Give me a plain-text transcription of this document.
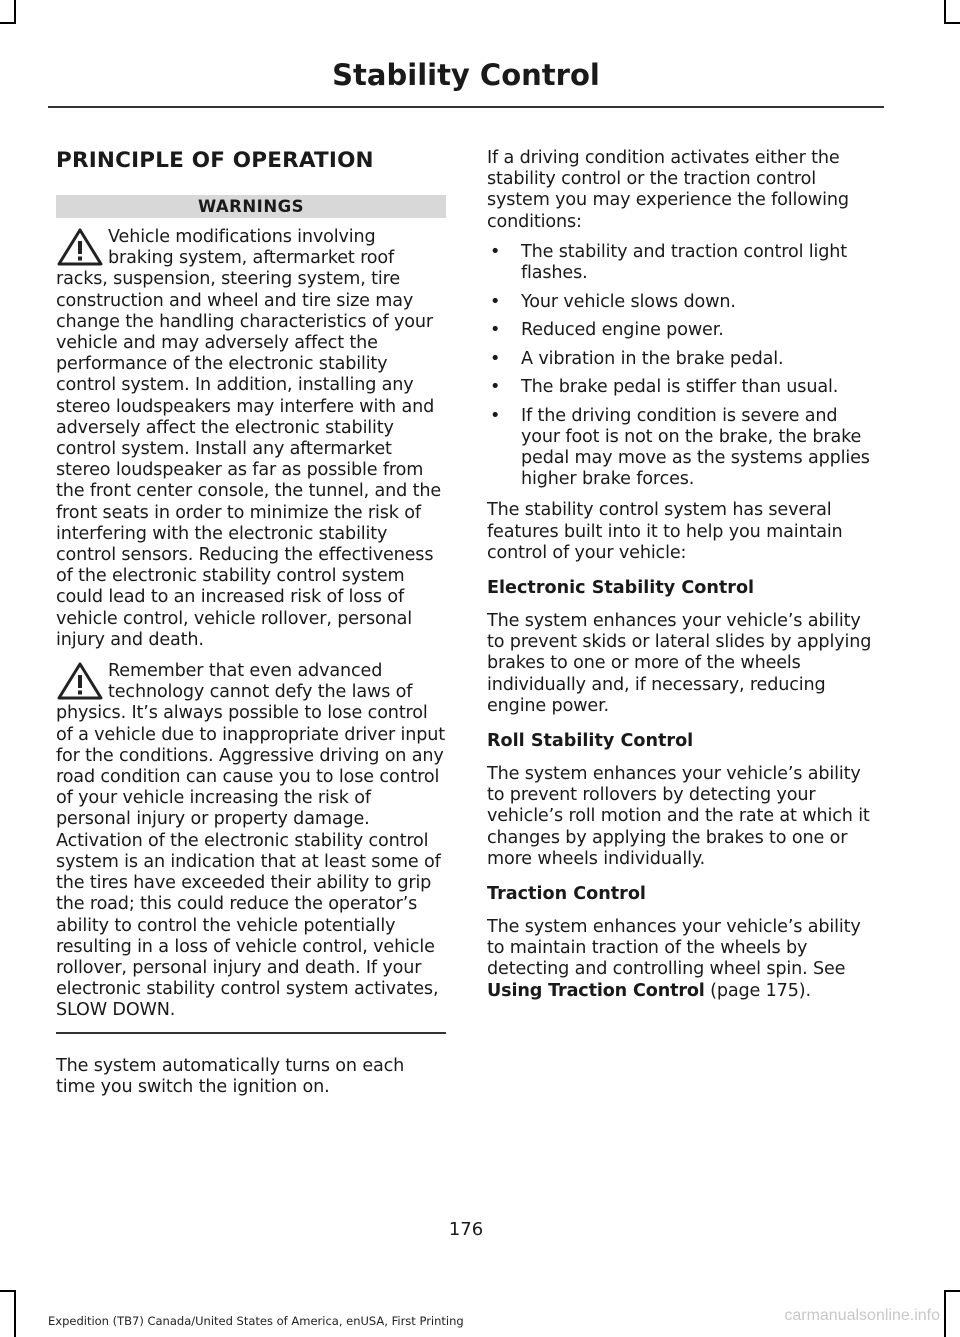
Stability Control
PRINCIPLE OF OPERATION
WARNINGS

Vehicle modifications involving braking system, aftermarket roof racks, suspension, steering system, tire construction and wheel and tire size may change the handling characteristics of your vehicle and may adversely affect the performance of the electronic stability control system. In addition, installing any stereo loudspeakers may interfere with and adversely affect the electronic stability control system. Install any aftermarket stereo loudspeaker as far as possible from the front center console, the tunnel, and the front seats in order to minimize the risk of interfering with the electronic stability control sensors. Reducing the effectiveness of the electronic stability control system could lead to an increased risk of loss of vehicle control, vehicle rollover, personal injury and death.

Remember that even advanced technology cannot defy the laws of physics. It’s always possible to lose control of a vehicle due to inappropriate driver input for the conditions. Aggressive driving on any road condition can cause you to lose control of your vehicle increasing the risk of personal injury or property damage. Activation of the electronic stability control system is an indication that at least some of the tires have exceeded their ability to grip the road; this could reduce the operator’s ability to control the vehicle potentially resulting in a loss of vehicle control, vehicle rollover, personal injury and death. If your electronic stability control system activates, SLOW DOWN.

The system automatically turns on each time you switch the ignition on.

If a driving condition activates either the stability control or the traction control system you may experience the following conditions:

• The stability and traction control light flashes.
• Your vehicle slows down.
• Reduced engine power.
• A vibration in the brake pedal.
• The brake pedal is stiffer than usual.
• If the driving condition is severe and your foot is not on the brake, the brake pedal may move as the systems applies higher brake forces.

The stability control system has several features built into it to help you maintain control of your vehicle:

Electronic Stability Control

The system enhances your vehicle’s ability to prevent skids or lateral slides by applying brakes to one or more of the wheels individually and, if necessary, reducing engine power.

Roll Stability Control

The system enhances your vehicle’s ability to prevent rollovers by detecting your vehicle’s roll motion and the rate at which it changes by applying the brakes to one or more wheels individually.

Traction Control

The system enhances your vehicle’s ability to maintain traction of the wheels by detecting and controlling wheel spin. See Using Traction Control (page 175).

176
Expedition (TB7) Canada/United States of America, enUSA, First Printing	carmanualsonline.info
